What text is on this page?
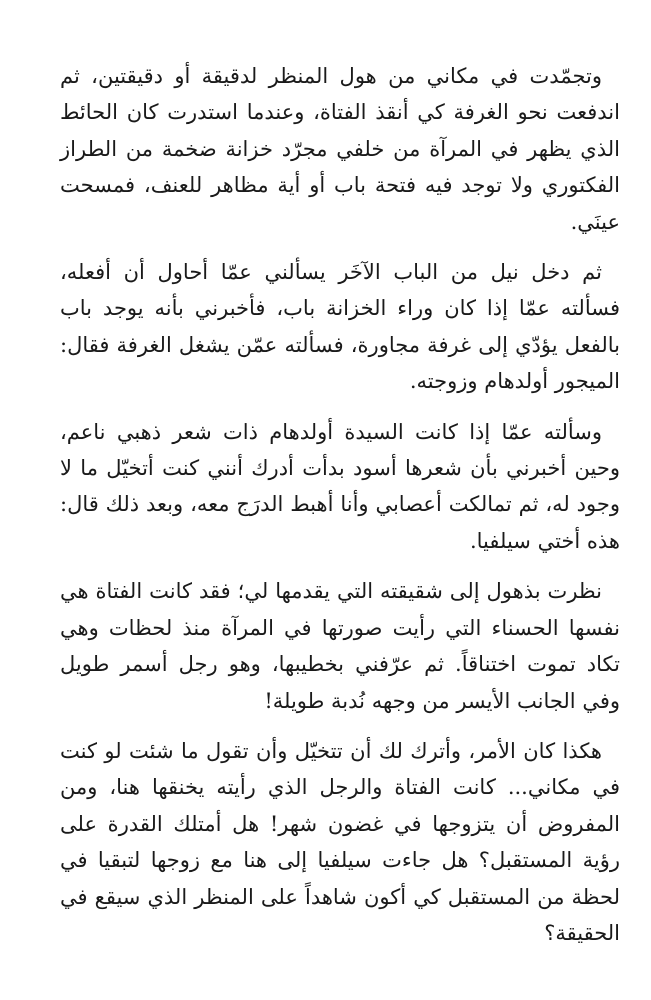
وتجمّدت في مكاني من هول المنظر لدقيقة أو دقيقتين، ثم اندفعت نحو الغرفة كي أنقذ الفتاة، وعندما استدرت كان الحائط الذي يظهر في المرآة من خلفي مجرّد خزانة ضخمة من الطراز الفكتوري ولا توجد فيه فتحة باب أو أية مظاهر للعنف، فمسحت عينَي.

ثم دخل نيل من الباب الآخَر يسألني عمّا أحاول أن أفعله، فسألته عمّا إذا كان وراء الخزانة باب، فأخبرني بأنه يوجد باب بالفعل يؤدّي إلى غرفة مجاورة، فسألته عمّن يشغل الغرفة فقال: الميجور أولدهام وزوجته.

وسألته عمّا إذا كانت السيدة أولدهام ذات شعر ذهبي ناعم، وحين أخبرني بأن شعرها أسود بدأت أدرك أنني كنت أتخيّل ما لا وجود له، ثم تمالكت أعصابي وأنا أهبط الدرَج معه، وبعد ذلك قال: هذه أختي سيلفيا.

نظرت بذهول إلى شقيقته التي يقدمها لي؛ فقد كانت الفتاة هي نفسها الحسناء التي رأيت صورتها في المرآة منذ لحظات وهي تكاد تموت اختناقاً. ثم عرّفني بخطيبها، وهو رجل أسمر طويل وفي الجانب الأيسر من وجهه نُدبة طويلة!

هكذا كان الأمر، وأترك لك أن تتخيّل وأن تقول ما شئت لو كنت في مكاني... كانت الفتاة والرجل الذي رأيته يخنقها هنا، ومن المفروض أن يتزوجها في غضون شهر! هل أمتلك القدرة على رؤية المستقبل؟ هل جاءت سيلفيا إلى هنا مع زوجها لتبقيا في لحظة من المستقبل كي أكون شاهداً على المنظر الذي سيقع في الحقيقة؟
